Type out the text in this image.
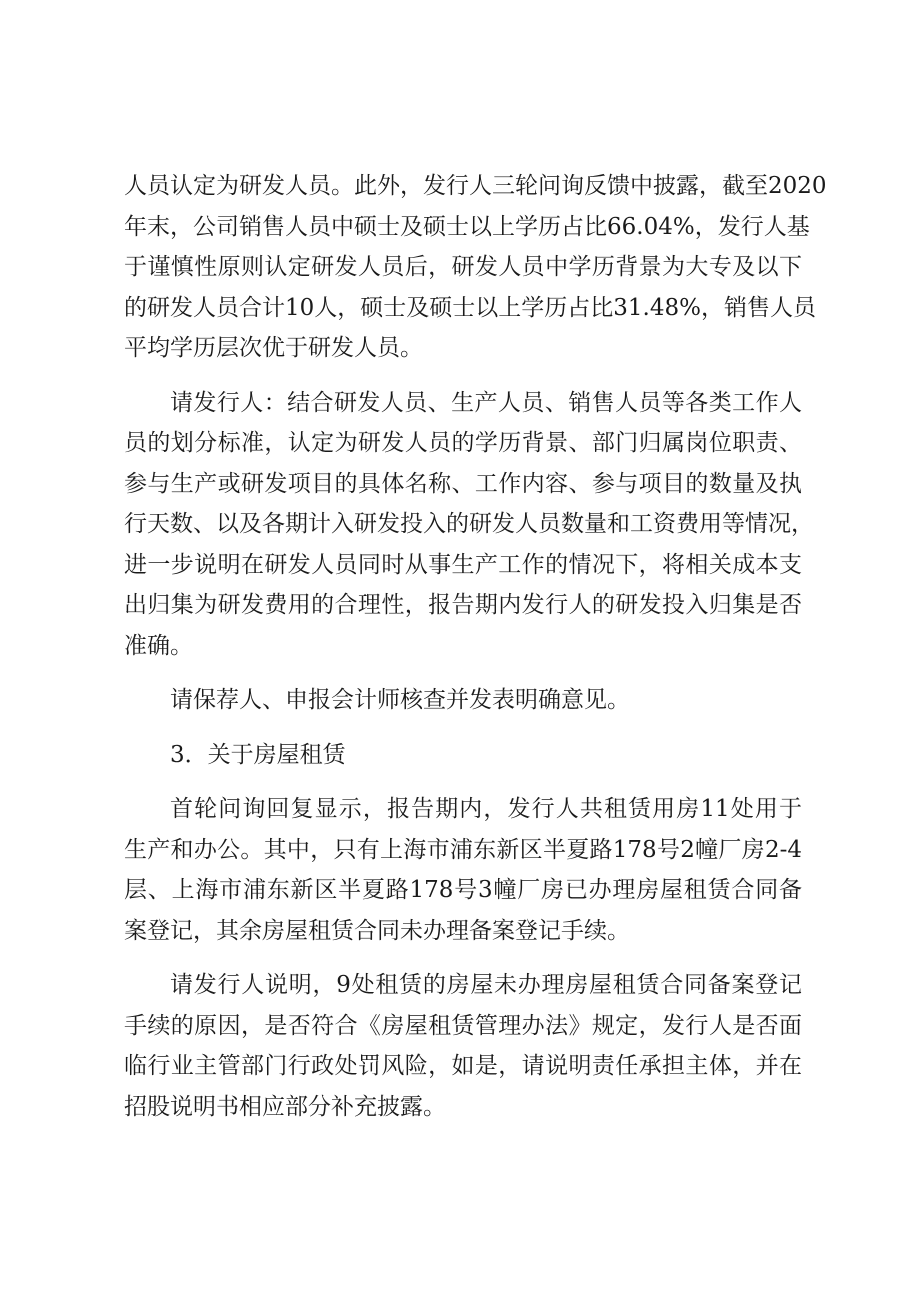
人员认定为研发人员。此外，发行人三轮问询反馈中披露，截至2020
年末，公司销售人员中硕士及硕士以上学历占比66.04%，发行人基
于谨慎性原则认定研发人员后，研发人员中学历背景为大专及以下
的研发人员合计10人，硕士及硕士以上学历占比31.48%，销售人员
平均学历层次优于研发人员。

请发行人：结合研发人员、生产人员、销售人员等各类工作人
员的划分标准，认定为研发人员的学历背景、部门归属岗位职责、
参与生产或研发项目的具体名称、工作内容、参与项目的数量及执
行天数、以及各期计入研发投入的研发人员数量和工资费用等情况，
进一步说明在研发人员同时从事生产工作的情况下，将相关成本支
出归集为研发费用的合理性，报告期内发行人的研发投入归集是否
准确。

请保荐人、申报会计师核查并发表明确意见。

3．关于房屋租赁

首轮问询回复显示，报告期内，发行人共租赁用房11处用于
生产和办公。其中，只有上海市浦东新区半夏路178号2幢厂房2-4
层、上海市浦东新区半夏路178号3幢厂房已办理房屋租赁合同备
案登记，其余房屋租赁合同未办理备案登记手续。

请发行人说明，9处租赁的房屋未办理房屋租赁合同备案登记
手续的原因，是否符合《房屋租赁管理办法》规定，发行人是否面
临行业主管部门行政处罚风险，如是，请说明责任承担主体，并在
招股说明书相应部分补充披露。
